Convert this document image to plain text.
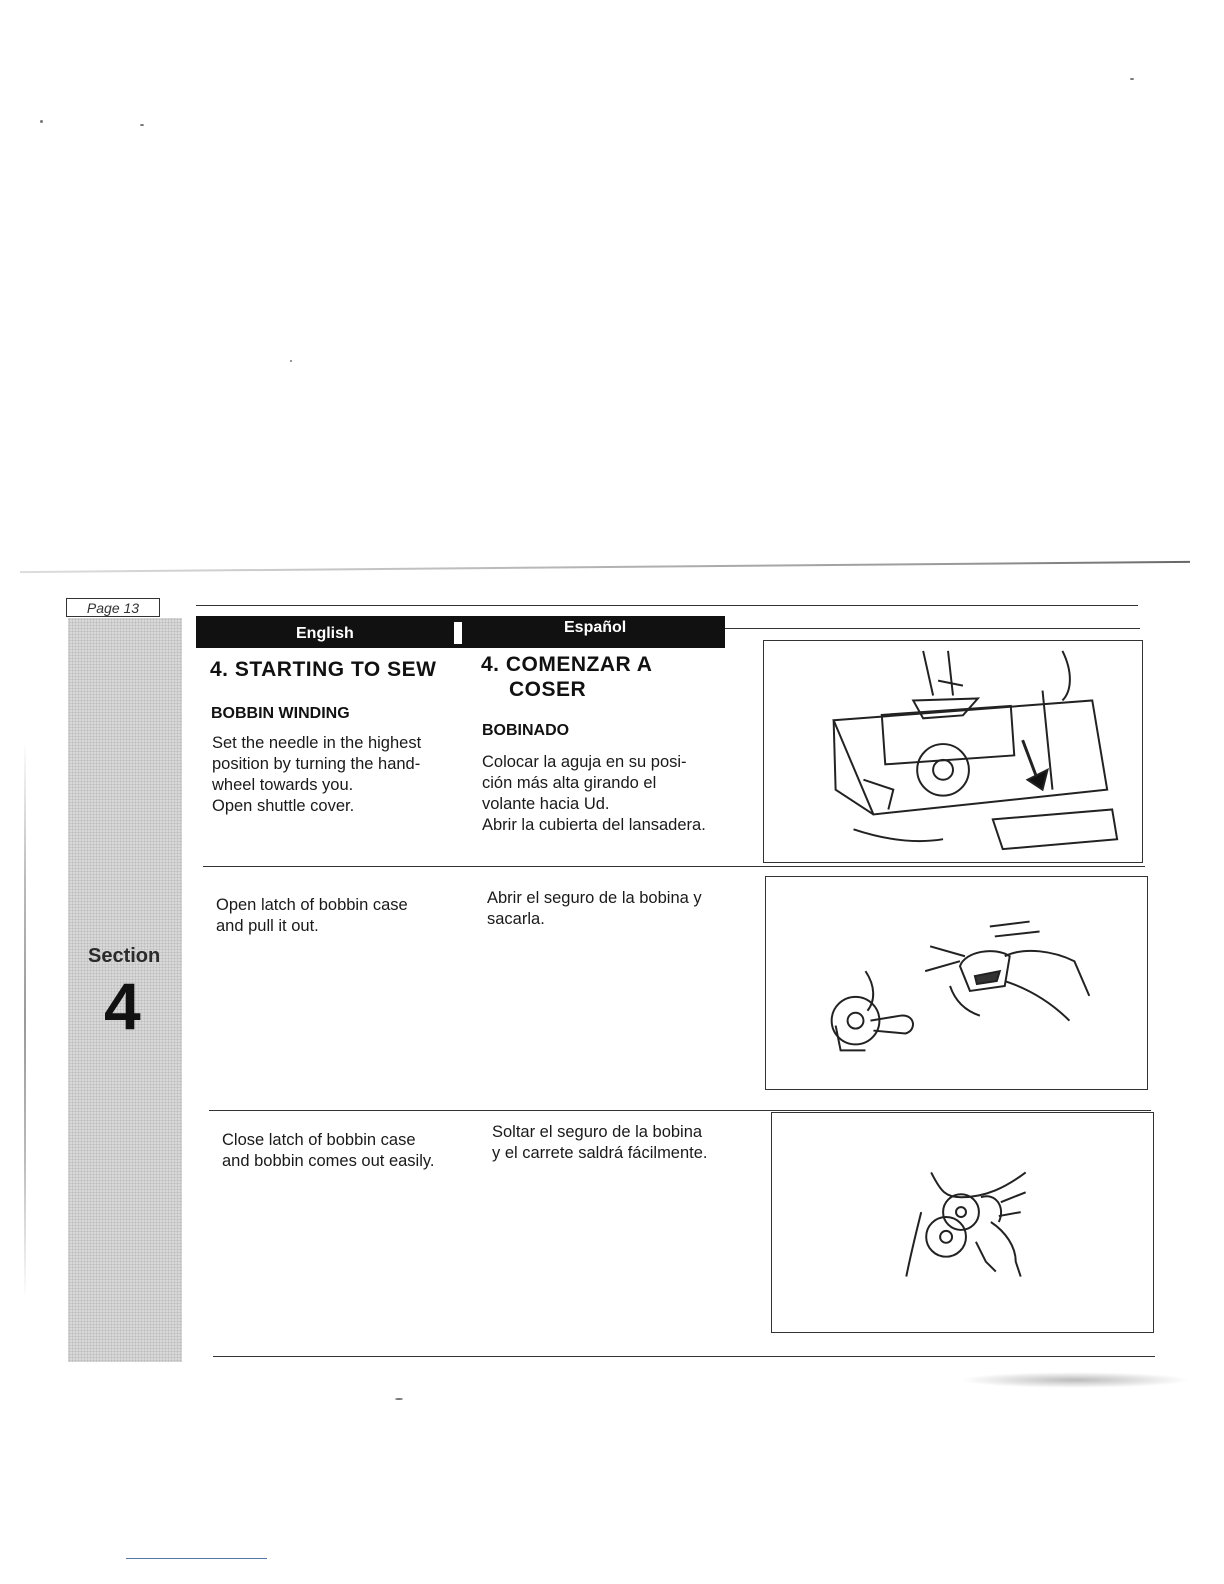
Page 13
Section
4
English	Español
4. STARTING TO SEW 4. COMENZAR A
COSER
BOBBIN WINDING
BOBINADO
Set the needle in the highest
position by turning the hand-
wheel towards you.
Open shuttle cover.
Colocar la aguja en su posi-
ción más alta girando el
volante hacia Ud.
Abrir la cubierta del lansadera.
Open latch of bobbin case
and pull it out.
Abrir el seguro de la bobina y
sacarla.
Close latch of bobbin case
and bobbin comes out easily.
Soltar el seguro de la bobina
y el carrete saldrá fácilmente.
